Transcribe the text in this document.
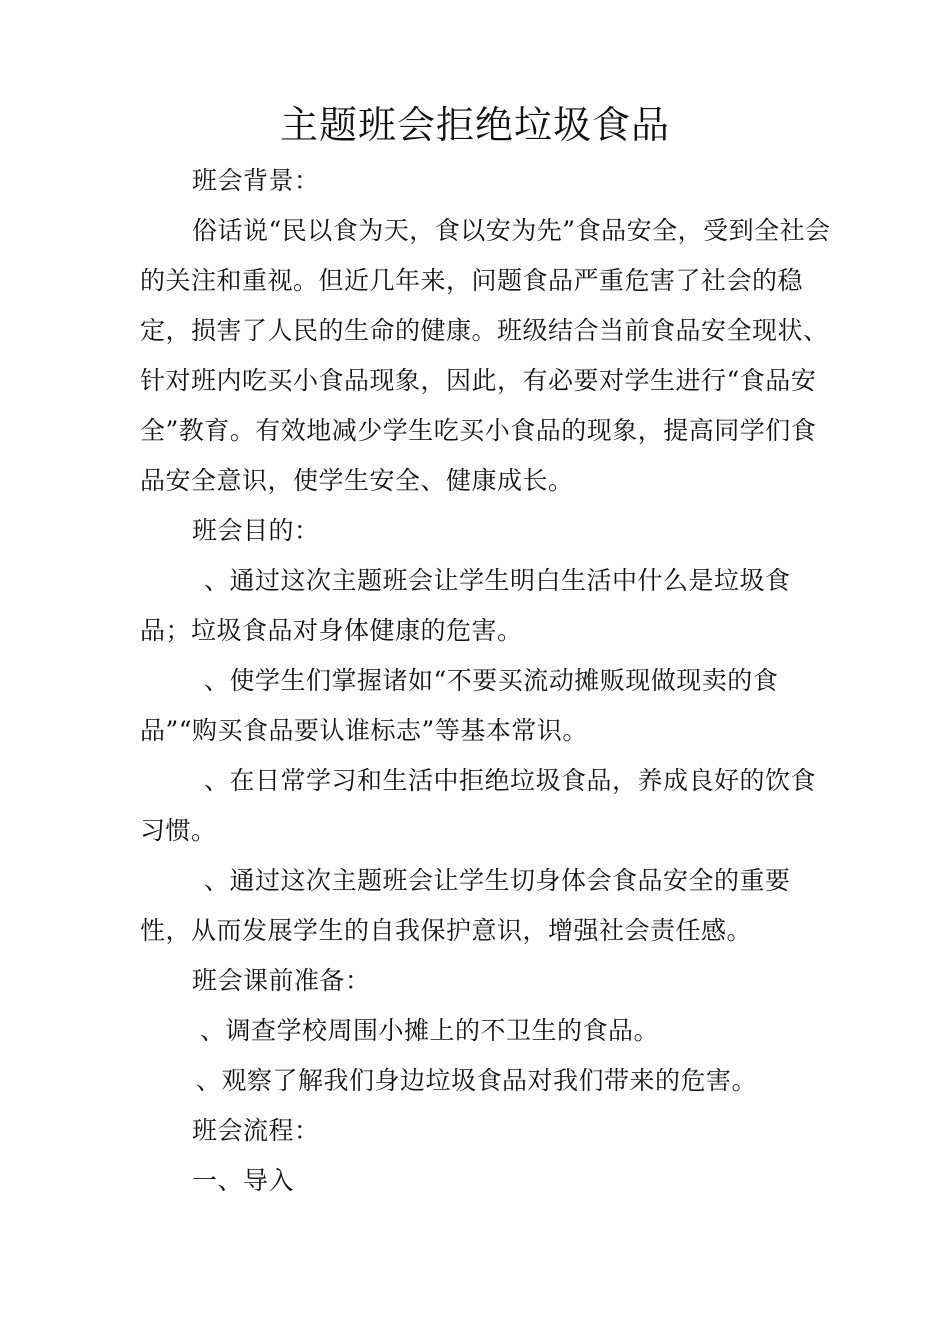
主题班会拒绝垃圾食品

班会背景：

俗话说“民以食为天，食以安为先”食品安全，受到全社会的关注和重视。但近几年来，问题食品严重危害了社会的稳定，损害了人民的生命的健康。班级结合当前食品安全现状、针对班内吃买小食品现象，因此，有必要对学生进行“食品安全”教育。有效地减少学生吃买小食品的现象，提高同学们食品安全意识，使学生安全、健康成长。

班会目的：

、通过这次主题班会让学生明白生活中什么是垃圾食品；垃圾食品对身体健康的危害。

、使学生们掌握诸如“不要买流动摊贩现做现卖的食品”“购买食品要认谁标志”等基本常识。

、在日常学习和生活中拒绝垃圾食品，养成良好的饮食习惯。

、通过这次主题班会让学生切身体会食品安全的重要性，从而发展学生的自我保护意识，增强社会责任感。

班会课前准备：

、调查学校周围小摊上的不卫生的食品。

、观察了解我们身边垃圾食品对我们带来的危害。

班会流程：

一、导入
